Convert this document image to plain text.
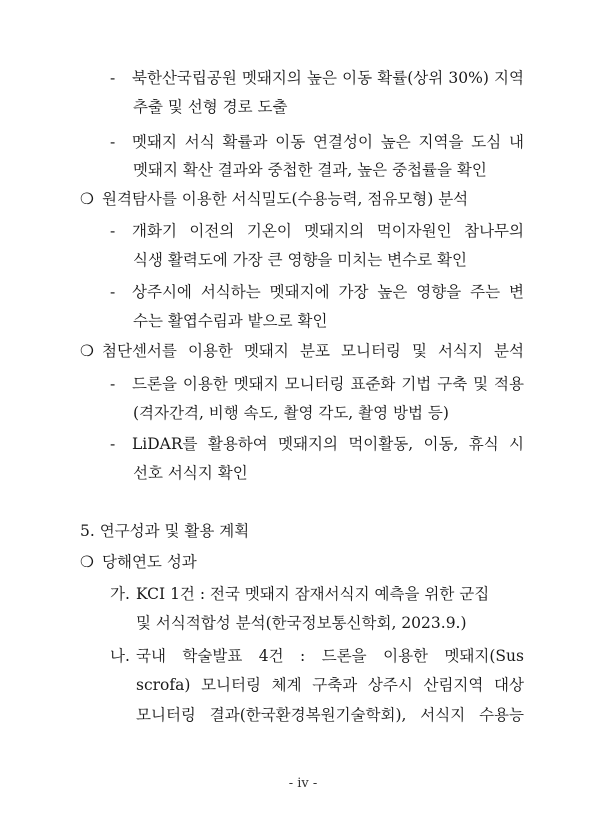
- 북한산국립공원 멧돼지의 높은 이동 확률(상위 30%) 지역
추출 및 선형 경로 도출
- 멧돼지 서식 확률과 이동 연결성이 높은 지역을 도심 내
멧돼지 확산 결과와 중첩한 결과, 높은 중첩률을 확인
❍ 원격탐사를 이용한 서식밀도(수용능력, 점유모형) 분석
- 개화기 이전의 기온이 멧돼지의 먹이자원인 참나무의
식생 활력도에 가장 큰 영향을 미치는 변수로 확인
- 상주시에 서식하는 멧돼지에 가장 높은 영향을 주는 변
수는 활엽수림과 밭으로 확인
❍ 첨단센서를 이용한 멧돼지 분포 모니터링 및 서식지 분석
- 드론을 이용한 멧돼지 모니터링 표준화 기법 구축 및 적용
(격자간격, 비행 속도, 촬영 각도, 촬영 방법 등)
- LiDAR를 활용하여 멧돼지의 먹이활동, 이동, 휴식 시
선호 서식지 확인
5. 연구성과 및 활용 계획
❍ 당해연도 성과
가. KCI 1건 : 전국 멧돼지 잠재서식지 예측을 위한 군집
및 서식적합성 분석(한국정보통신학회, 2023.9.)
나. 국내 학술발표 4건 : 드론을 이용한 멧돼지(Sus
scrofa) 모니터링 체계 구축과 상주시 산림지역 대상
모니터링 결과(한국환경복원기술학회), 서식지 수용능
- iv -
